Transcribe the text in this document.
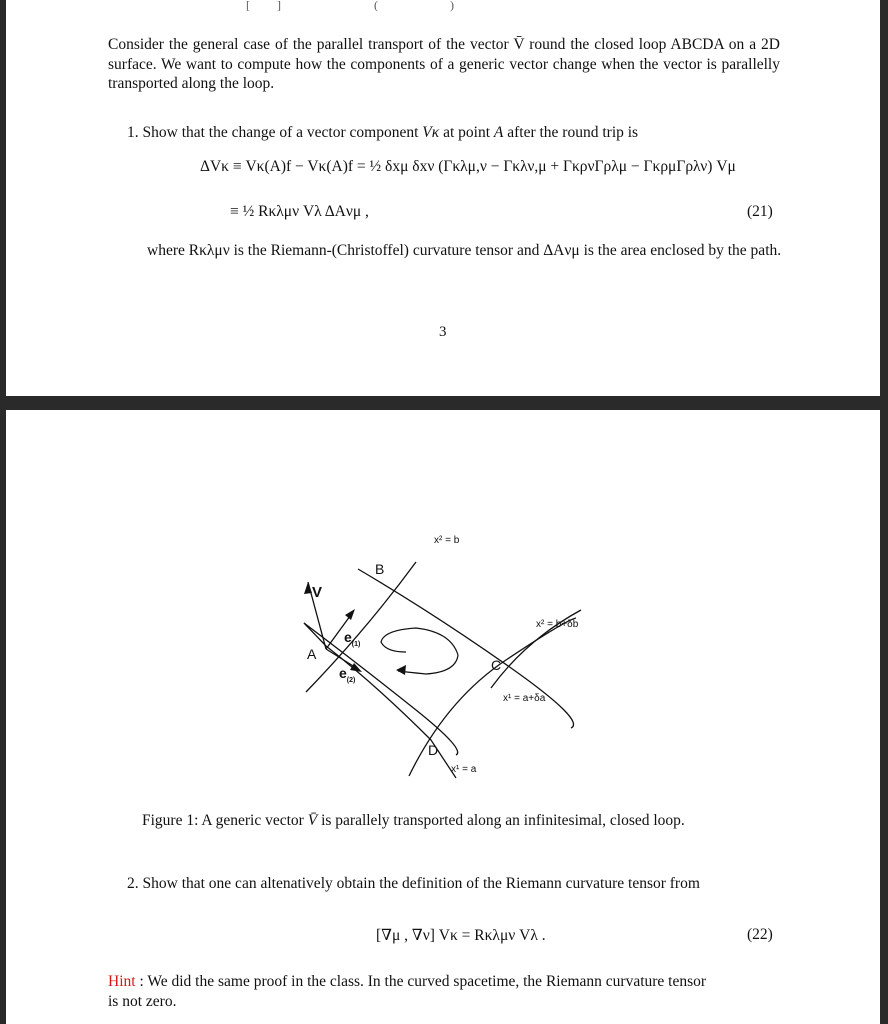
[         ]                               (                        )
Consider the general case of the parallel transport of the vector V̄ round the closed loop ABCDA on a 2D surface. We want to compute how the components of a generic vector change when the vector is parallelly transported along the loop.
1. Show that the change of a vector component Vκ at point A after the round trip is
ΔVκ ≡ Vκ(A)f − Vκ(A)f = ½ δxμ δxν (Γκλμ,ν − Γκλν,μ + ΓκρνΓρλμ − ΓκρμΓρλν) Vμ
≡ ½ Rκλμν Vλ ΔAνμ ,	(21)
where Rκλμν is the Riemann-(Christoffel) curvature tensor and ΔAνμ is the area enclosed by the path.
3
x² = b
x² = b+δb
x¹ = a+δa
x¹ = a
B
C
D
A
V
$e_{(1)}$
$e_{(2)}$
Figure 1: A generic vector V̄ is parallely transported along an infinitesimal, closed loop.
2. Show that one can altenatively obtain the definition of the Riemann curvature tensor from
[∇μ , ∇ν] Vκ = Rκλμν Vλ .	(22)
Hint : We did the same proof in the class. In the curved spacetime, the Riemann curvature tensor
is not zero.
